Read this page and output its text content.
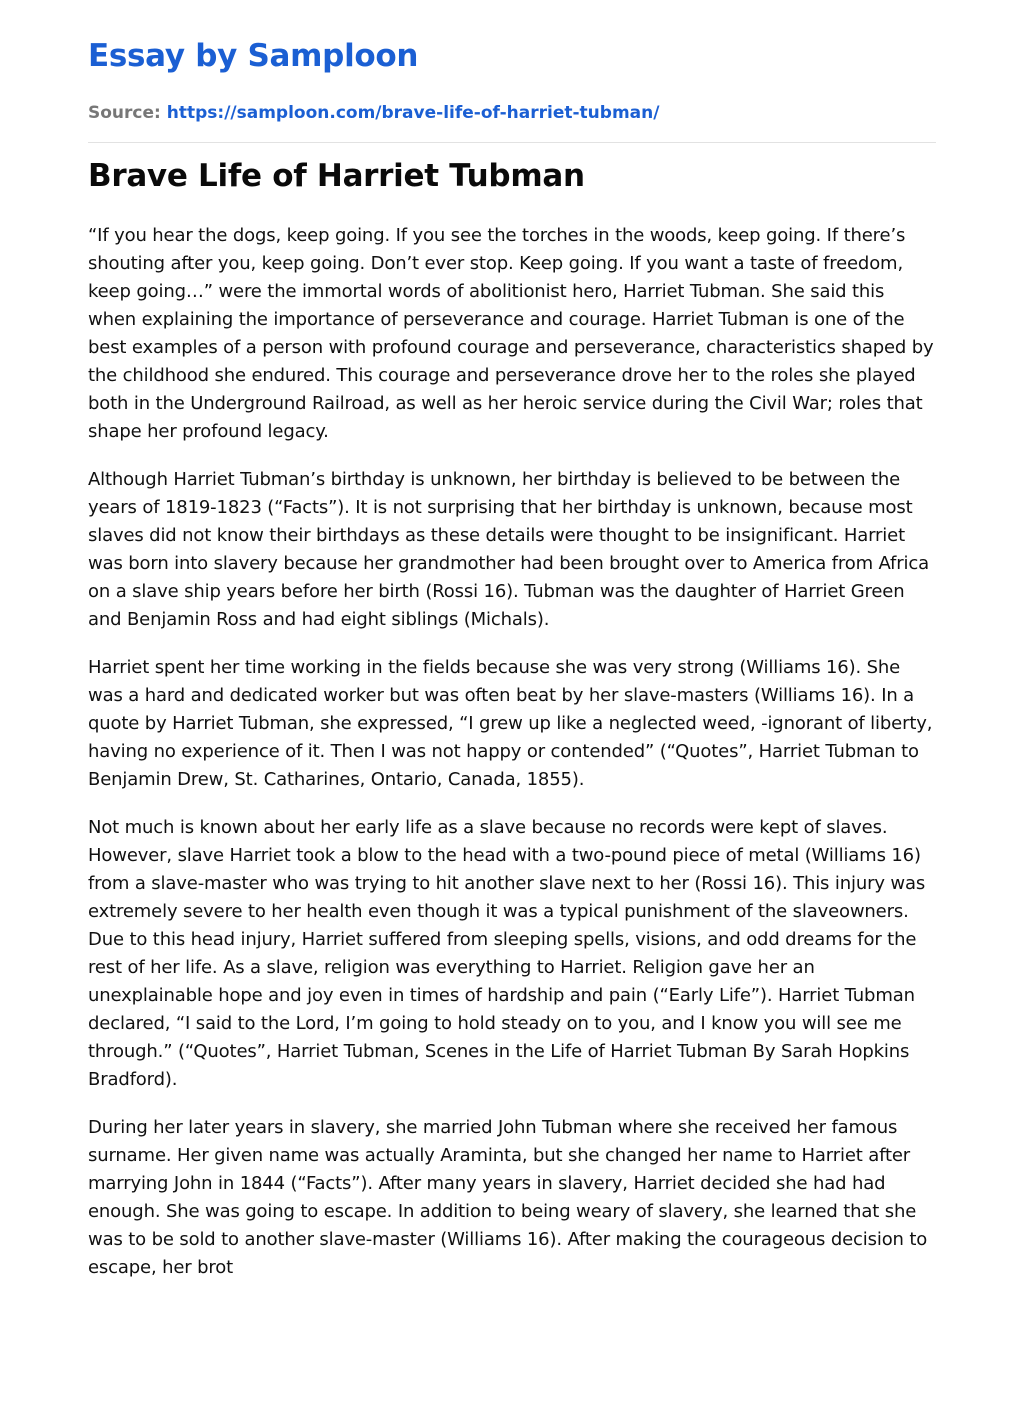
Essay by Samploon
Source: https://samploon.com/brave-life-of-harriet-tubman/
Brave Life of Harriet Tubman

“If you hear the dogs, keep going. If you see the torches in the woods, keep going. If there’s shouting after you, keep going. Don’t ever stop. Keep going. If you want a taste of freedom, keep going…” were the immortal words of abolitionist hero, Harriet Tubman. She said this when explaining the importance of perseverance and courage. Harriet Tubman is one of the best examples of a person with profound courage and perseverance, characteristics shaped by the childhood she endured. This courage and perseverance drove her to the roles she played both in the Underground Railroad, as well as her heroic service during the Civil War; roles that shape her profound legacy.

Although Harriet Tubman’s birthday is unknown, her birthday is believed to be between the years of 1819-1823 (“Facts”). It is not surprising that her birthday is unknown, because most slaves did not know their birthdays as these details were thought to be insignificant. Harriet was born into slavery because her grandmother had been brought over to America from Africa on a slave ship years before her birth (Rossi 16). Tubman was the daughter of Harriet Green and Benjamin Ross and had eight siblings (Michals).

Harriet spent her time working in the fields because she was very strong (Williams 16). She was a hard and dedicated worker but was often beat by her slave-masters (Williams 16). In a quote by Harriet Tubman, she expressed, “I grew up like a neglected weed, -ignorant of liberty, having no experience of it. Then I was not happy or contended” (“Quotes”, Harriet Tubman to Benjamin Drew, St. Catharines, Ontario, Canada, 1855).

Not much is known about her early life as a slave because no records were kept of slaves. However, slave Harriet took a blow to the head with a two-pound piece of metal (Williams 16) from a slave-master who was trying to hit another slave next to her (Rossi 16). This injury was extremely severe to her health even though it was a typical punishment of the slaveowners. Due to this head injury, Harriet suffered from sleeping spells, visions, and odd dreams for the rest of her life. As a slave, religion was everything to Harriet. Religion gave her an unexplainable hope and joy even in times of hardship and pain (“Early Life”). Harriet Tubman declared, “I said to the Lord, I’m going to hold steady on to you, and I know you will see me through.” (“Quotes”, Harriet Tubman, Scenes in the Life of Harriet Tubman By Sarah Hopkins Bradford).

During her later years in slavery, she married John Tubman where she received her famous surname. Her given name was actually Araminta, but she changed her name to Harriet after marrying John in 1844 (“Facts”). After many years in slavery, Harriet decided she had had enough. She was going to escape. In addition to being weary of slavery, she learned that she was to be sold to another slave-master (Williams 16). After making the courageous decision to escape, her brot
